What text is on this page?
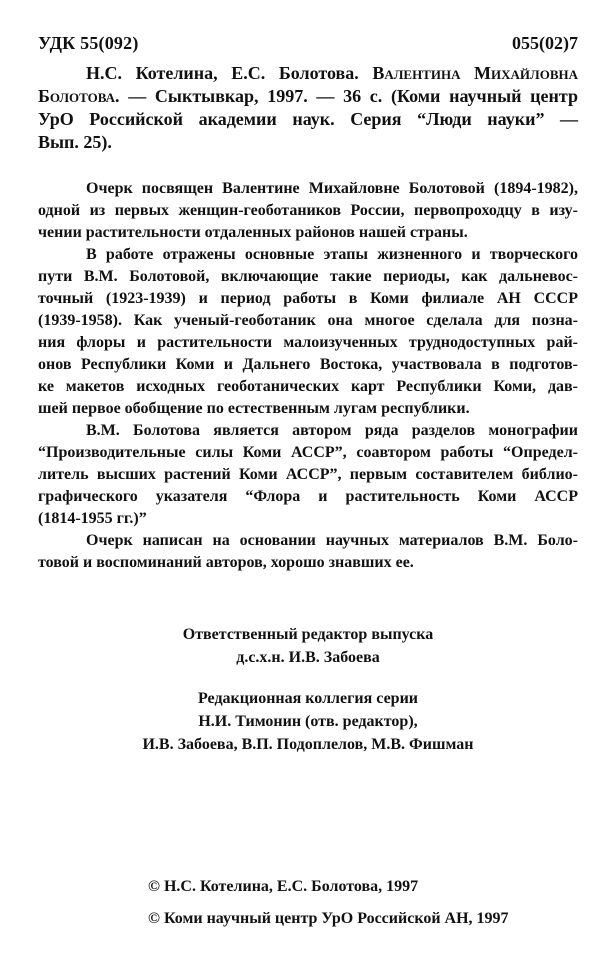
УДК 55(092)	055(02)7
Н.С. Котелина, Е.С. Болотова. Валентина Михайловна
Болотова. — Сыктывкар, 1997. — 36 с. (Коми научный центр
УрО Российской академии наук. Серия “Люди науки” —
Вып. 25).
Очерк посвящен Валентине Михайловне Болотовой (1894-1982),
одной из первых женщин-геоботаников России, первопроходцу в изу-
чении растительности отдаленных районов нашей страны.
В работе отражены основные этапы жизненного и творческого
пути В.М. Болотовой, включающие такие периоды, как дальневос-
точный (1923-1939) и период работы в Коми филиале АН СССР
(1939-1958). Как ученый-геоботаник она многое сделала для позна-
ния флоры и растительности малоизученных труднодоступных рай-
онов Республики Коми и Дальнего Востока, участвовала в подготов-
ке макетов исходных геоботанических карт Республики Коми, дав-
шей первое обобщение по естественным лугам республики.
В.М. Болотова является автором ряда разделов монографии
“Производительные силы Коми АССР”, соавтором работы “Определ-
литель высших растений Коми АССР”, первым составителем библио-
графического указателя “Флора и растительность Коми АССР
(1814-1955 гг.)”
Очерк написан на основании научных материалов В.М. Боло-
товой и воспоминаний авторов, хорошо знавших ее.
Ответственный редактор выпуска
д.с.х.н. И.В. Забоева
Редакционная коллегия серии
Н.И. Тимонин (отв. редактор),
И.В. Забоева, В.П. Подоплелов, М.В. Фишман
© Н.С. Котелина, Е.С. Болотова, 1997
© Коми научный центр УрО Российской АН, 1997
